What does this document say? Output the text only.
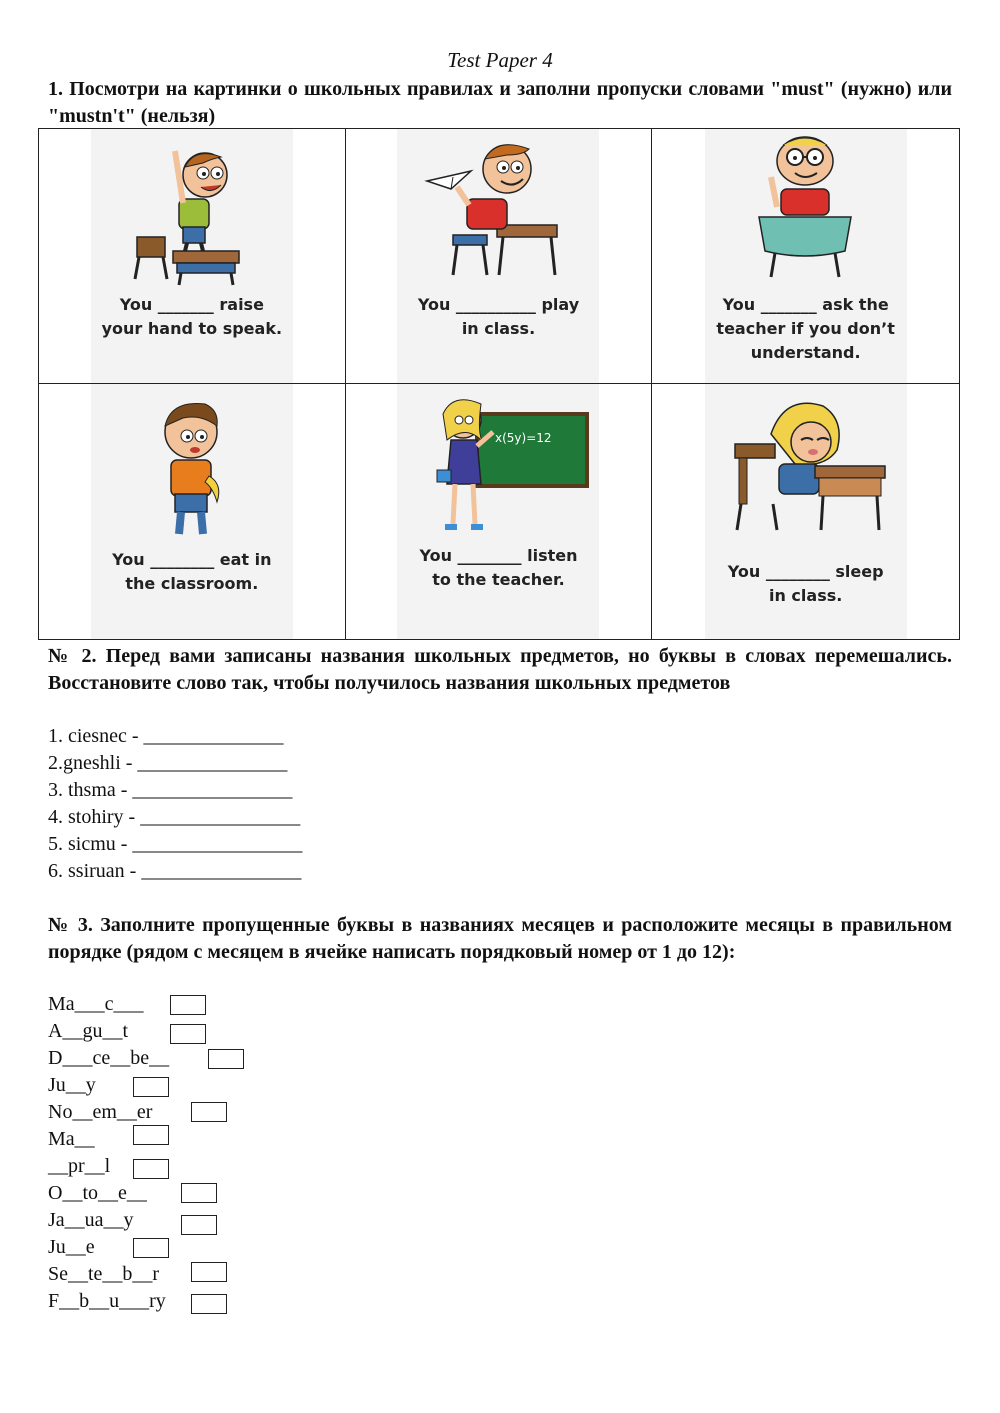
Test Paper 4
1. Посмотри на картинки о школьных правилах и заполни пропуски словами "must" (нужно) или "mustn't" (нельзя)
You _______ raise
your hand to speak.
You __________ play
in class.
You _______ ask the
teacher if you don’t
understand.
You ________ eat in
the classroom.
x(5y)=12
You ________ listen
to the teacher.	You ________ sleep
in class.
№ 2. Перед вами записаны названия школьных предметов, но буквы в словах перемешались. Восстановите слово так, чтобы получилось названия школьных предметов
1. ciesnec - ______________
2.gneshli - _______________
3. thsma - ________________
4. stohiry - ________________
5. sicmu - _________________
6. ssiruan - ________________
№ 3. Заполните пропущенные буквы в названиях месяцев и расположите месяцы в правильном порядке (рядом с месяцем в ячейке написать порядковый номер от 1 до 12):
Ma___c___
A__gu__t
D___ce__be__
Ju__y
No__em__er
Ma__
__pr__l
O__to__e__
Ja__ua__y
Ju__e
Se__te__b__r
F__b__u___ry
